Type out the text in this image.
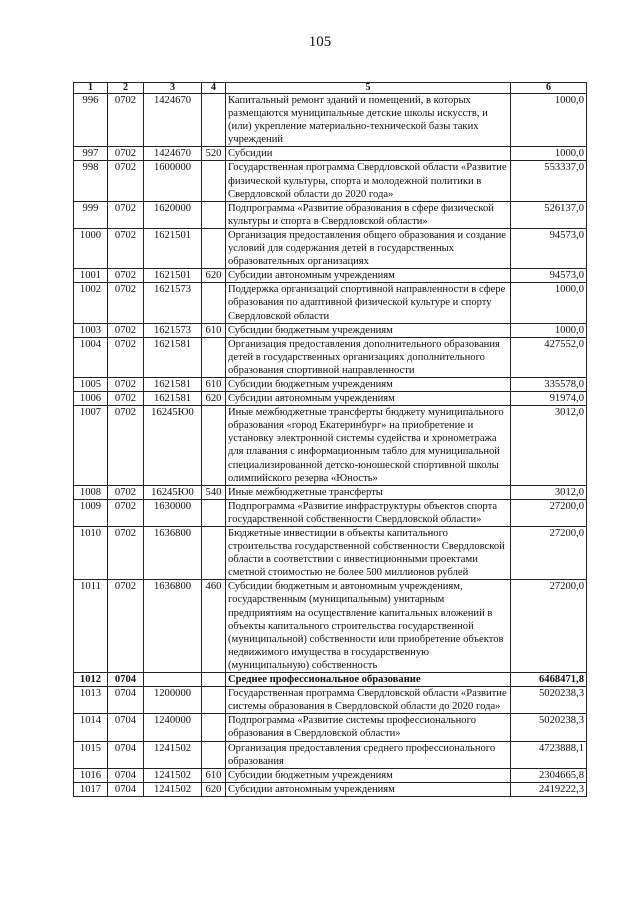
105
1	2	3	4	5	6
996	0702	1424670		Капитальный ремонт зданий и помещений, в которых размещаются муниципальные детские школы искусств, и (или) укрепление материально-технической базы таких учреждений	1000,0
997	0702	1424670	520	Субсидии	1000,0
998	0702	1600000		Государственная программа Свердловской области «Развитие физической культуры, спорта и молодежной политики в Свердловской области до 2020 года»	553337,0
999	0702	1620000		Подпрограмма «Развитие образования в сфере физической культуры и спорта в Свердловской области»	526137,0
1000	0702	1621501		Организация предоставления общего образования и создание условий для содержания детей в государственных образовательных организациях	94573,0
1001	0702	1621501	620	Субсидии автономным учреждениям	94573,0
1002	0702	1621573		Поддержка организаций спортивной направленности в сфере образования по адаптивной физической культуре и спорту Свердловской области	1000,0
1003	0702	1621573	610	Субсидии бюджетным учреждениям	1000,0
1004	0702	1621581		Организация предоставления дополнительного образования детей в государственных организациях дополнительного образования спортивной направленности	427552,0
1005	0702	1621581	610	Субсидии бюджетным учреждениям	335578,0
1006	0702	1621581	620	Субсидии автономным учреждениям	91974,0
1007	0702	16245Ю0		Иные межбюджетные трансферты бюджету муниципального образования «город Екатеринбург» на приобретение и установку электронной системы судейства и хронометража для плавания с информационным табло для муниципальной специализированной детско-юношеской спортивной школы олимпийского резерва «Юность»	3012,0
1008	0702	16245Ю0	540	Иные межбюджетные трансферты	3012,0
1009	0702	1630000		Подпрограмма «Развитие инфраструктуры объектов спорта государственной собственности Свердловской области»	27200,0
1010	0702	1636800		Бюджетные инвестиции в объекты капитального строительства государственной собственности Свердловской области в соответствии с инвестиционными проектами сметной стоимостью не более 500 миллионов рублей	27200,0
1011	0702	1636800	460	Субсидии бюджетным и автономным учреждениям, государственным (муниципальным) унитарным предприятиям на осуществление капитальных вложений в объекты капитального строительства государственной (муниципальной) собственности или приобретение объектов недвижимого имущества в государственную (муниципальную) собственность	27200,0
1012	0704			Среднее профессиональное образование	6468471,8
1013	0704	1200000		Государственная программа Свердловской области «Развитие системы образования в Свердловской области до 2020 года»	5020238,3
1014	0704	1240000		Подпрограмма «Развитие системы профессионального образования в Свердловской области»	5020238,3
1015	0704	1241502		Организация предоставления среднего профессионального образования	4723888,1
1016	0704	1241502	610	Субсидии бюджетным учреждениям	2304665,8
1017	0704	1241502	620	Субсидии автономным учреждениям	2419222,3
